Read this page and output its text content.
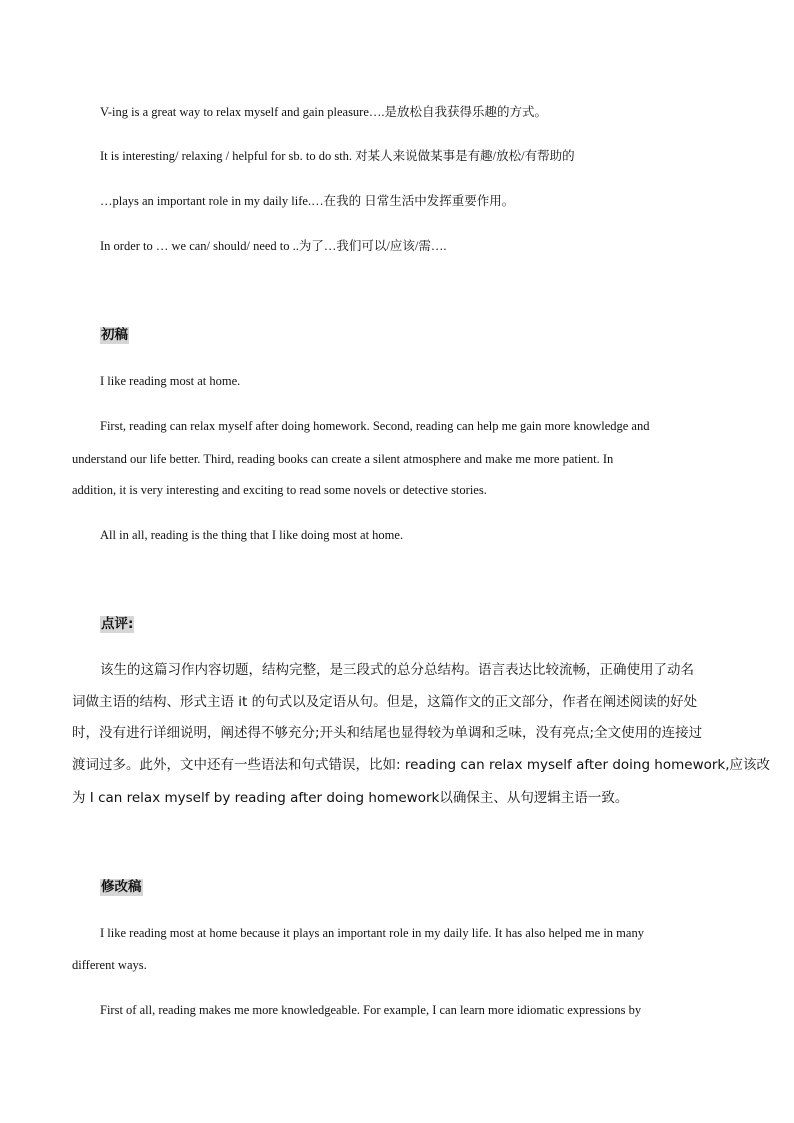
V-ing is a great way to relax myself and gain pleasure….是放松自我获得乐趣的方式。
It is interesting/ relaxing / helpful for sb. to do sth. 对某人来说做某事是有趣/放松/有帮助的
…plays an important role in my daily life.…在我的 日常生活中发挥重要作用。
In order to … we can/ should/ need to ..为了…我们可以/应该/需….
初稿
I like reading most at home.
First, reading can relax myself after doing homework. Second, reading can help me gain more knowledge and
understand our life better. Third, reading books can create a silent atmosphere and make me more patient. In
addition, it is very interesting and exciting to read some novels or detective stories.
All in all, reading is the thing that I like doing most at home.
点评:
该生的这篇习作内容切题，结构完整，是三段式的总分总结构。语言表达比较流畅，正确使用了动名
词做主语的结构、形式主语 it 的句式以及定语从句。但是，这篇作文的正文部分，作者在阐述阅读的好处
时，没有进行详细说明，阐述得不够充分;开头和结尾也显得较为单调和乏味，没有亮点;全文使用的连接过
渡词过多。此外，文中还有一些语法和句式错误，比如: reading can relax myself after doing homework,应该改
为 I can relax myself by reading after doing homework以确保主、从句逻辑主语一致。
修改稿
I like reading most at home because it plays an important role in my daily life. It has also helped me in many
different ways.
First of all, reading makes me more knowledgeable. For example, I can learn more idiomatic expressions by
